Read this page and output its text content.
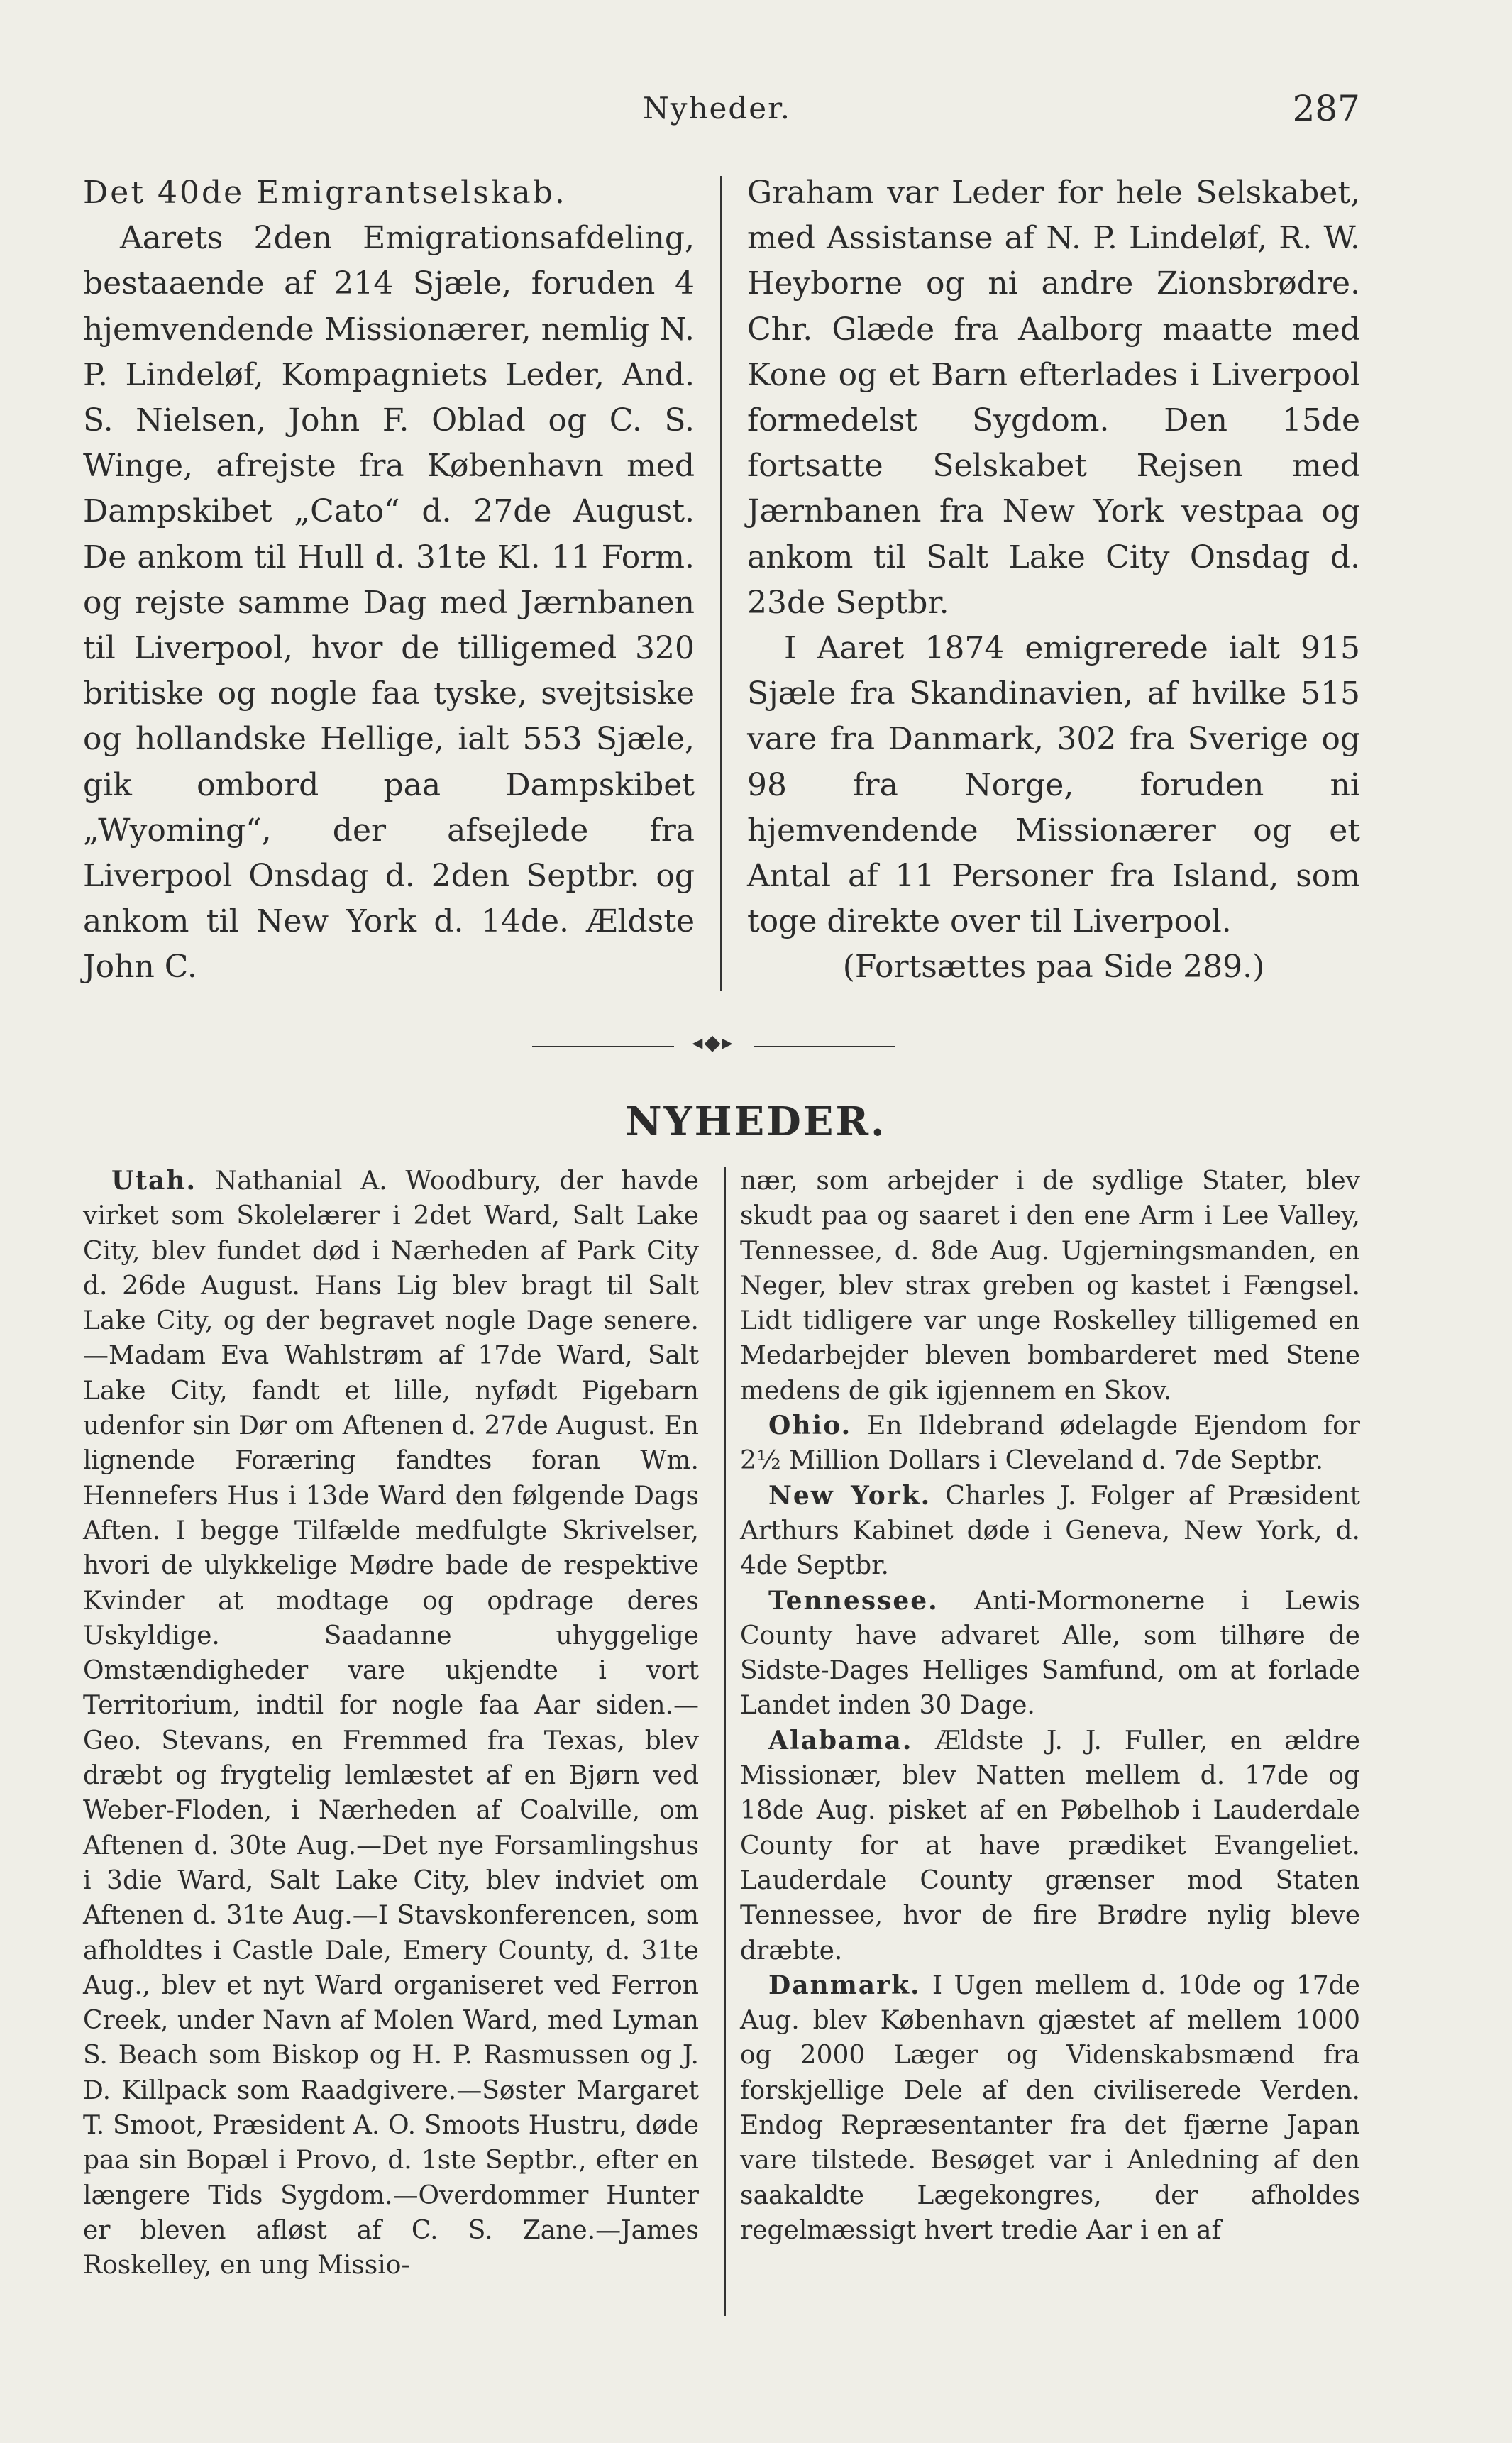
Nyheder.	287

Det 40de Emigrantselskab.

Aarets 2den Emigrationsafdeling, bestaaende af 214 Sjæle, foruden 4 hjemvendende Missionærer, nemlig N. P. Lindeløf, Kompagniets Leder, And. S. Nielsen, John F. Oblad og C. S. Winge, afrejste fra København med Dampskibet „Cato“ d. 27de August. De ankom til Hull d. 31te Kl. 11 Form. og rejste samme Dag med Jærnbanen til Liverpool, hvor de tilligemed 320 britiske og nogle faa tyske, svejtsiske og hollandske Hellige, ialt 553 Sjæle, gik ombord paa Dampskibet „Wyoming“, der afsejlede fra Liverpool Onsdag d. 2den Septbr. og ankom til New York d. 14de. Ældste John C.

Graham var Leder for hele Selskabet, med Assistanse af N. P. Lindeløf, R. W. Heyborne og ni andre Zionsbrødre. Chr. Glæde fra Aalborg maatte med Kone og et Barn efterlades i Liverpool formedelst Sygdom. Den 15de fortsatte Selskabet Rejsen med Jærnbanen fra New York vestpaa og ankom til Salt Lake City Onsdag d. 23de Septbr.

I Aaret 1874 emigrerede ialt 915 Sjæle fra Skandinavien, af hvilke 515 vare fra Danmark, 302 fra Sverige og 98 fra Norge, foruden ni hjemvendende Missionærer og et Antal af 11 Personer fra Island, som toge direkte over til Liverpool.

(Fortsættes paa Side 289.)

◂◆▸
NYHEDER.

Utah. Nathanial A. Woodbury, der havde virket som Skolelærer i 2det Ward, Salt Lake City, blev fundet død i Nærheden af Park City d. 26de August. Hans Lig blev bragt til Salt Lake City, og der begravet nogle Dage senere.—Madam Eva Wahlstrøm af 17de Ward, Salt Lake City, fandt et lille, nyfødt Pigebarn udenfor sin Dør om Aftenen d. 27de August. En lignende Foræring fandtes foran Wm. Hennefers Hus i 13de Ward den følgende Dags Aften. I begge Tilfælde medfulgte Skrivelser, hvori de ulykkelige Mødre bade de respektive Kvinder at modtage og opdrage deres Uskyldige. Saadanne uhyggelige Omstændigheder vare ukjendte i vort Territorium, indtil for nogle faa Aar siden.—Geo. Stevans, en Fremmed fra Texas, blev dræbt og frygtelig lemlæstet af en Bjørn ved Weber-Floden, i Nærheden af Coalville, om Aftenen d. 30te Aug.—Det nye Forsamlingshus i 3die Ward, Salt Lake City, blev indviet om Aftenen d. 31te Aug.—I Stavskonferencen, som afholdtes i Castle Dale, Emery County, d. 31te Aug., blev et nyt Ward organiseret ved Ferron Creek, under Navn af Molen Ward, med Lyman S. Beach som Biskop og H. P. Rasmussen og J. D. Killpack som Raadgivere.—Søster Margaret T. Smoot, Præsident A. O. Smoots Hustru, døde paa sin Bopæl i Provo, d. 1ste Septbr., efter en længere Tids Sygdom.—Overdommer Hunter er bleven afløst af C. S. Zane.—James Roskelley, en ung Missio-

nær, som arbejder i de sydlige Stater, blev skudt paa og saaret i den ene Arm i Lee Valley, Tennessee, d. 8de Aug. Ugjerningsmanden, en Neger, blev strax greben og kastet i Fængsel. Lidt tidligere var unge Roskelley tilligemed en Medarbejder bleven bombarderet med Stene medens de gik igjennem en Skov.

Ohio. En Ildebrand ødelagde Ejendom for 2½ Million Dollars i Cleveland d. 7de Septbr.

New York. Charles J. Folger af Præsident Arthurs Kabinet døde i Geneva, New York, d. 4de Septbr.

Tennessee. Anti-Mormonerne i Lewis County have advaret Alle, som tilhøre de Sidste-Dages Helliges Samfund, om at forlade Landet inden 30 Dage.

Alabama. Ældste J. J. Fuller, en ældre Missionær, blev Natten mellem d. 17de og 18de Aug. pisket af en Pøbelhob i Lauderdale County for at have prædiket Evangeliet. Lauderdale County grænser mod Staten Tennessee, hvor de fire Brødre nylig bleve dræbte.

Danmark. I Ugen mellem d. 10de og 17de Aug. blev København gjæstet af mellem 1000 og 2000 Læger og Videnskabsmænd fra forskjellige Dele af den civiliserede Verden. Endog Repræsentanter fra det fjærne Japan vare tilstede. Besøget var i Anledning af den saakaldte Lægekongres, der afholdes regelmæssigt hvert tredie Aar i en af
